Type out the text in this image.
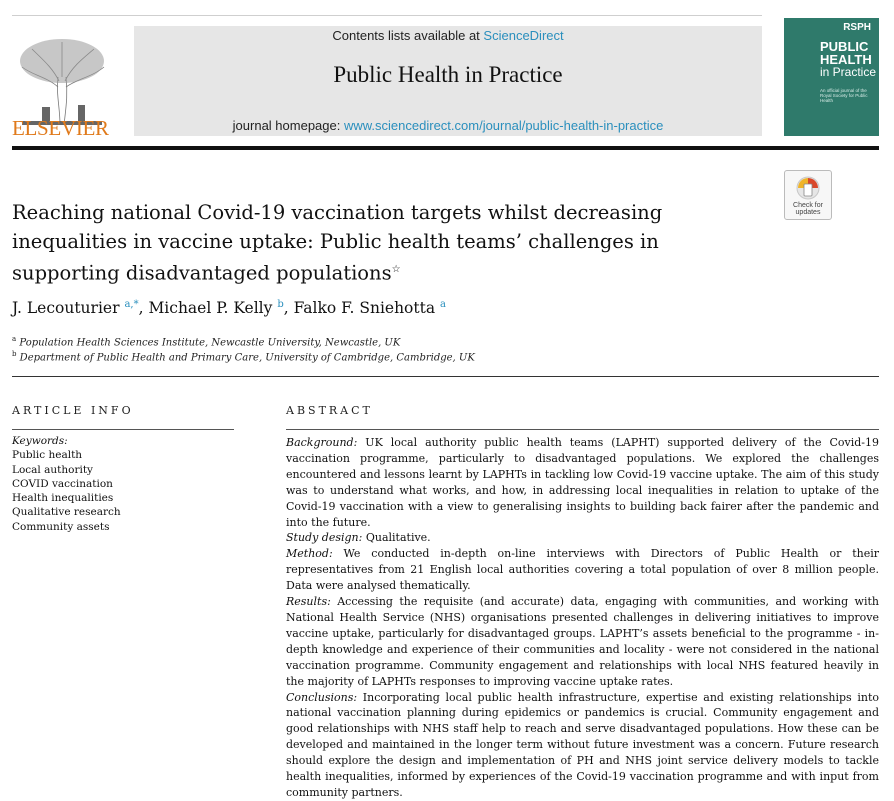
ELSEVIER
Contents lists available at ScienceDirect
Public Health in Practice
journal homepage: www.sciencedirect.com/journal/public-health-in-practice
RSPH
PUBLIC
HEALTH
in Practice
An official journal of the Royal Society for Public Health
Check for
updates
Reaching national Covid-19 vaccination targets whilst decreasing inequalities in vaccine uptake: Public health teams’ challenges in supporting disadvantaged populations☆
J. Lecouturier $^{a,*}$, Michael P. Kelly $^b$, Falko F. Sniehotta $^a$
$^a$ Population Health Sciences Institute, Newcastle University, Newcastle, UK
$^b$ Department of Public Health and Primary Care, University of Cambridge, Cambridge, UK
ARTICLE INFO
Keywords:
Public health
Local authority
COVID vaccination
Health inequalities
Qualitative research
Community assets
ABSTRACT

Background: UK local authority public health teams (LAPHT) supported delivery of the Covid-19 vaccination programme, particularly to disadvantaged populations. We explored the challenges encountered and lessons learnt by LAPHTs in tackling low Covid-19 vaccine uptake. The aim of this study was to understand what works, and how, in addressing local inequalities in relation to uptake of the Covid-19 vaccination with a view to generalising insights to building back fairer after the pandemic and into the future.

Study design: Qualitative.

Method: We conducted in-depth on-line interviews with Directors of Public Health or their representatives from 21 English local authorities covering a total population of over 8 million people. Data were analysed thematically.

Results: Accessing the requisite (and accurate) data, engaging with communities, and working with National Health Service (NHS) organisations presented challenges in delivering initiatives to improve vaccine uptake, particularly for disadvantaged groups. LAPHT’s assets beneficial to the programme - in-depth knowledge and experience of their communities and locality - were not considered in the national vaccination programme. Community engagement and relationships with local NHS featured heavily in the majority of LAPHTs responses to improving vaccine uptake rates.

Conclusions: Incorporating local public health infrastructure, expertise and existing relationships into national vaccination planning during epidemics or pandemics is crucial. Community engagement and good relationships with NHS staff help to reach and serve disadvantaged populations. How these can be developed and maintained in the longer term without future investment was a concern. Future research should explore the design and implementation of PH and NHS joint service delivery models to tackle health inequalities, informed by experiences of the Covid-19 vaccination programme and with input from community partners.
